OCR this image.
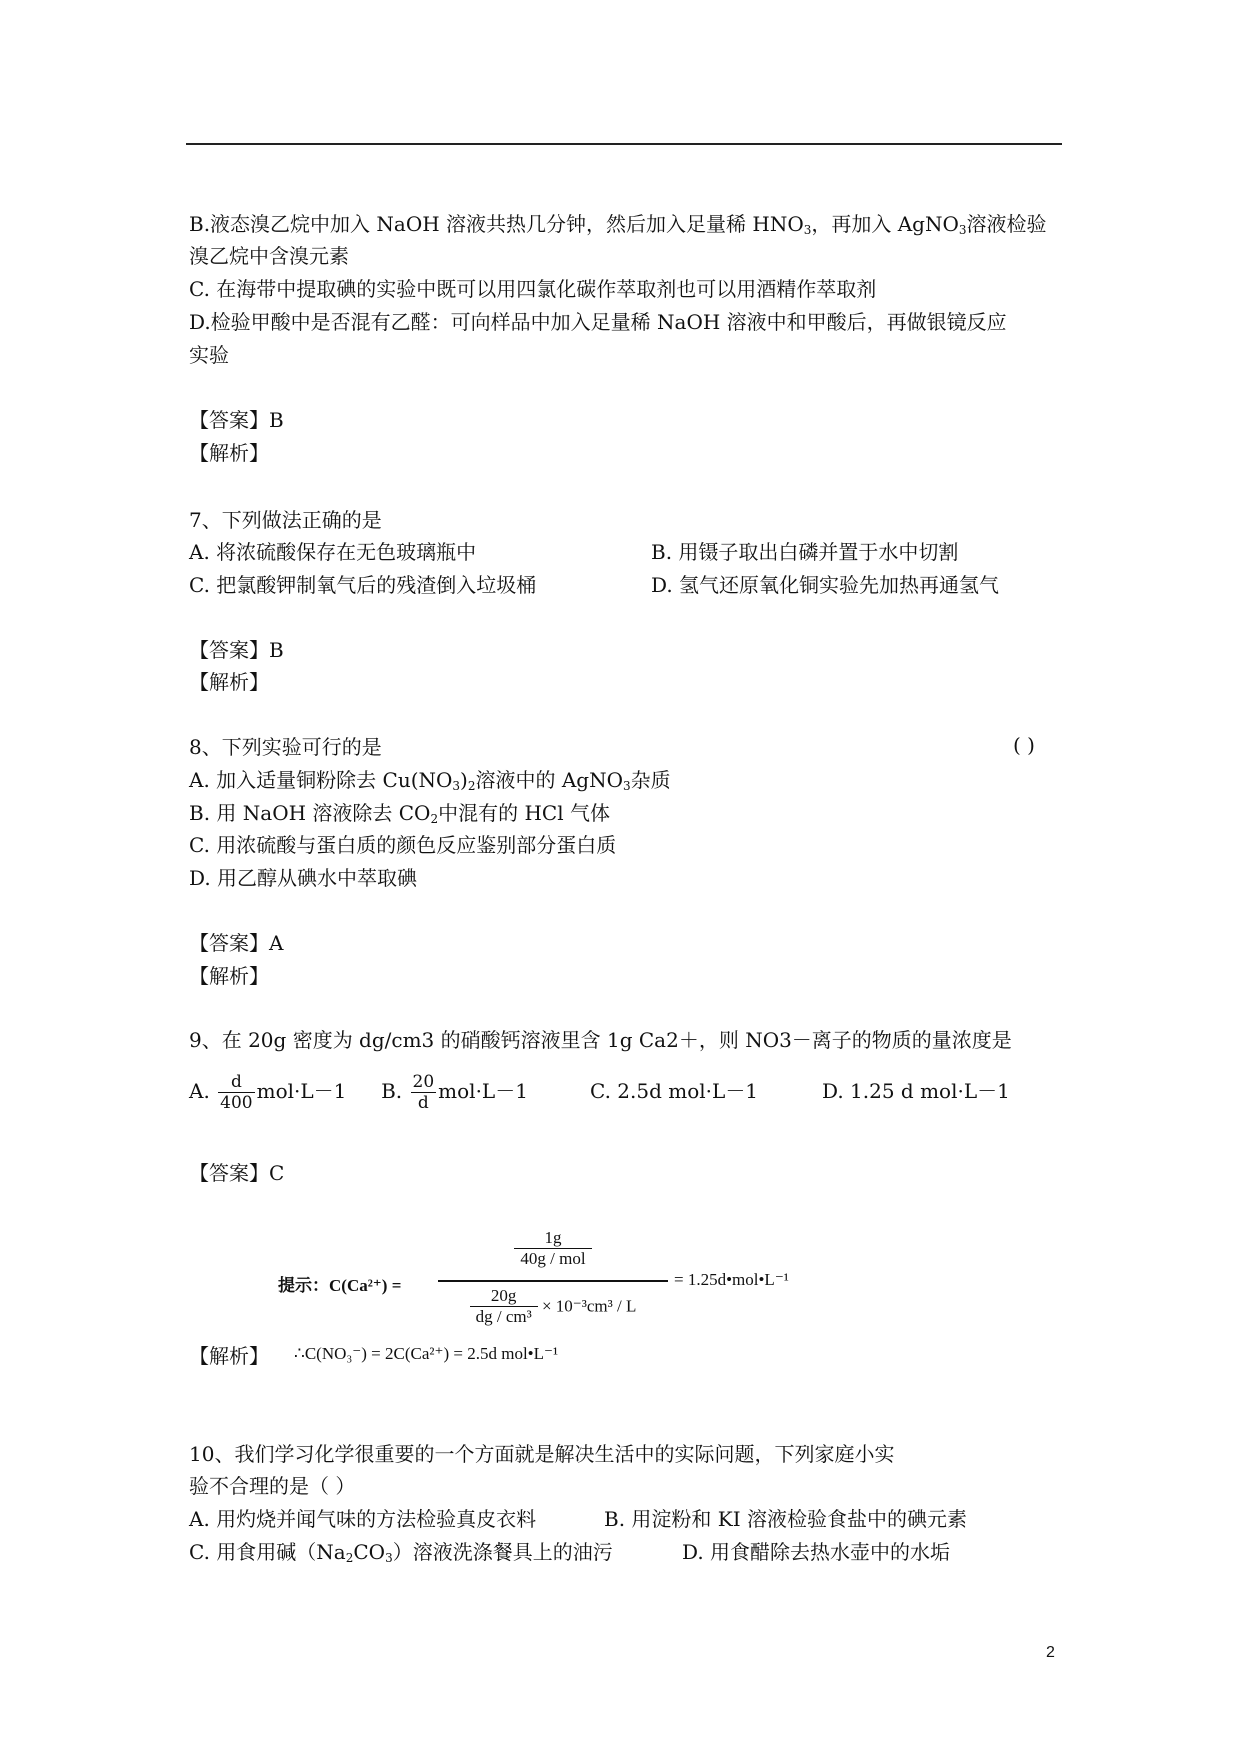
B.液态溴乙烷中加入 NaOH 溶液共热几分钟，然后加入足量稀 $HNO_3$，再加入 AgNO$_3$溶液检验
溴乙烷中含溴元素
C. 在海带中提取碘的实验中既可以用四氯化碳作萃取剂也可以用酒精作萃取剂
D.检验甲酸中是否混有乙醛：可向样品中加入足量稀 NaOH 溶液中和甲酸后，再做银镜反应
实验
【答案】B
【解析】
7、下列做法正确的是
A. 将浓硫酸保存在无色玻璃瓶中	B. 用镊子取出白磷并置于水中切割
C. 把氯酸钾制氧气后的残渣倒入垃圾桶	D. 氢气还原氧化铜实验先加热再通氢气
【答案】B
【解析】
8、下列实验可行的是	( )
A. 加入适量铜粉除去 $Cu(NO_3)_2$溶液中的 AgNO$_3$杂质
B. 用 NaOH 溶液除去 $CO_2$中混有的 HCl 气体
C. 用浓硫酸与蛋白质的颜色反应鉴别部分蛋白质
D. 用乙醇从碘水中萃取碘
【答案】A
【解析】
9、在 20g 密度为 dg/cm3 的硝酸钙溶液里含 1g Ca2＋，则 NO3－离子的物质的量浓度是
A. $\frac{d}{400} mol\cdot L-1$ B. $\frac{20}{d} mol\cdot L-1$	C. 2.5d mol·L－1	D. 1.25 d mol·L－1
【答案】C
提示：C(Ca²⁺) =
1g
40g / mol
$\frac{20g}{\text{dg / cm³}} \times 10^{-3}cm^3 / L$
= 1.25d•mol•L⁻¹
∴C(NO₃⁻) = 2C(Ca²⁺) = 2.5d mol•L⁻¹
【解析】
10、我们学习化学很重要的一个方面就是解决生活中的实际问题，下列家庭小实
验不合理的是（ ）
A. 用灼烧并闻气味的方法检验真皮衣料	B. 用淀粉和 KI 溶液检验食盐中的碘元素
C. 用食用碱$(Na_2CO_3)$溶液洗涤餐具上的油污	D. 用食醋除去热水壶中的水垢
2
